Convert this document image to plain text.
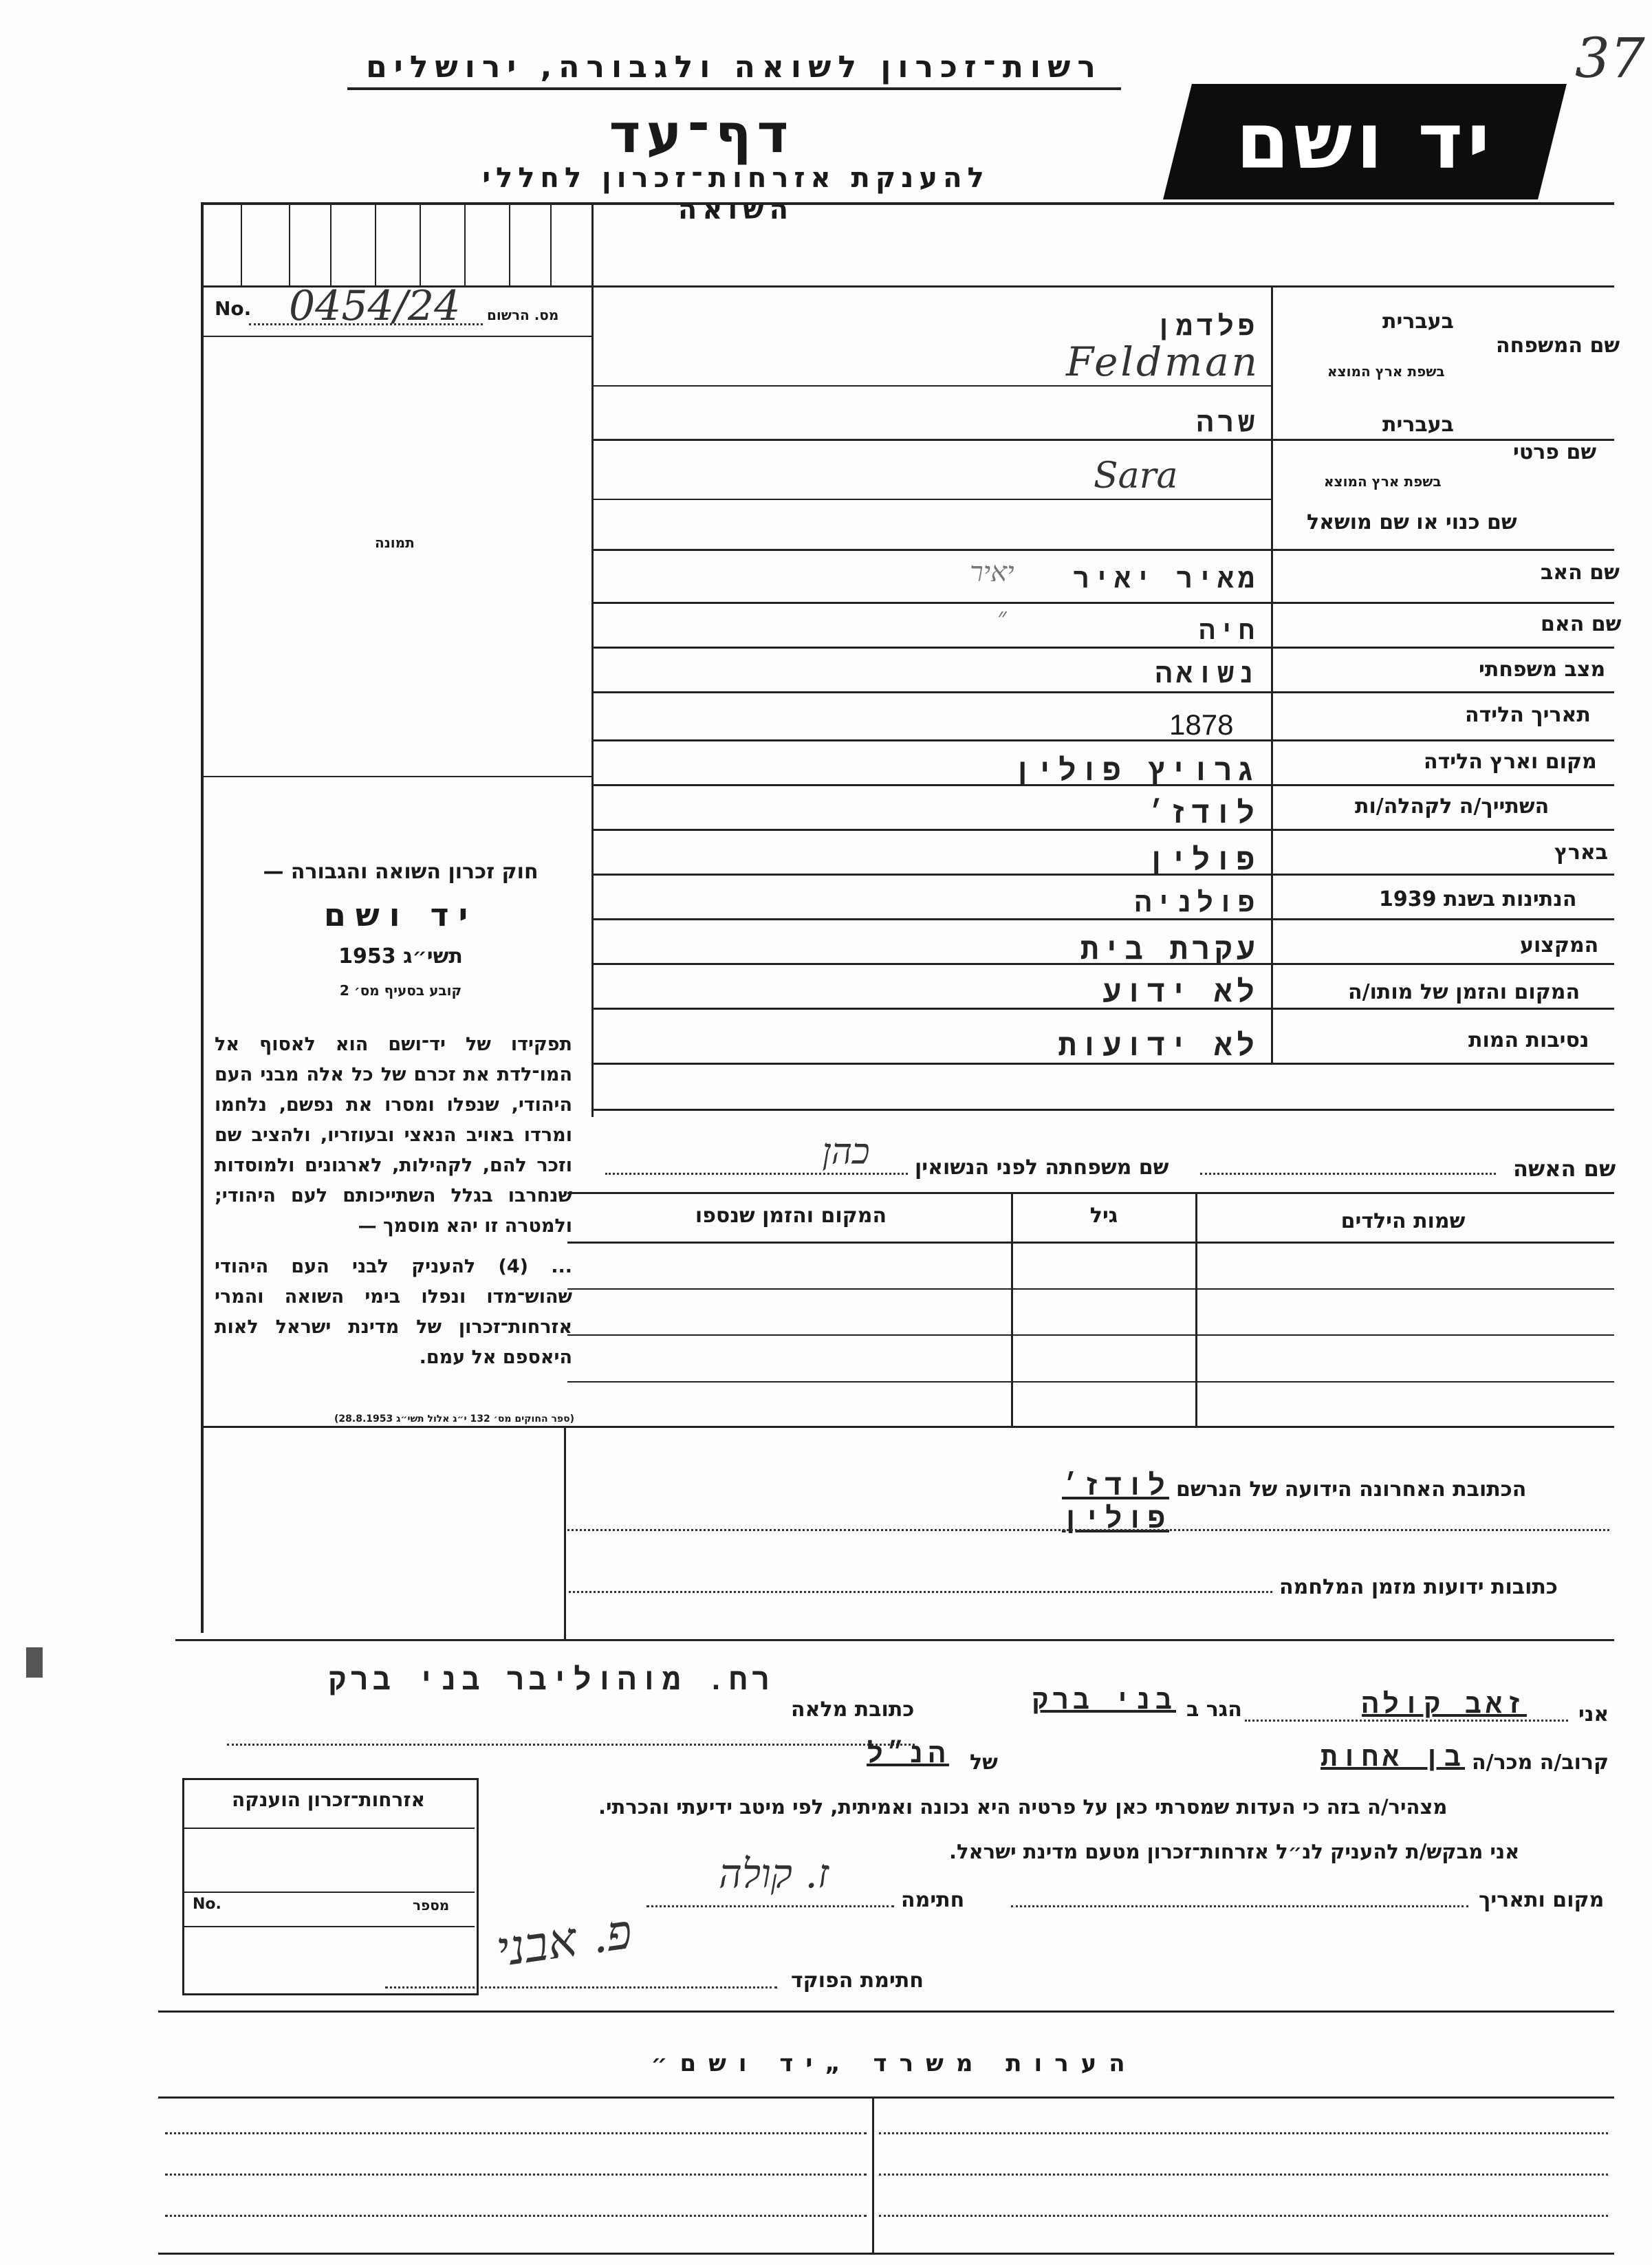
רשות־זכרון לשואה ולגבורה, ירושלים
דף־עד
להענקת אזרחות־זכרון לחללי השואה
יד ושם
37
No. 0454/24 מס. הרשום
תמונה
חוק זכרון השואה והגבורה —
יד ושם
תשי״ג 1953
קובע בסעיף מס׳ 2
תפקידו של יד־ושם הוא לאסוף אל המו־לדת את זכרם של כל אלה מבני העם היהודי, שנפלו ומסרו את נפשם, נלחמו ומרדו באויב הנאצי ובעוזריו, ולהציב שם וזכר להם, לקהילות, לארגונים ולמוסדות שנחרבו בגלל השתייכותם לעם היהודי; ולמטרה זו יהא מוסמך —
... (4) להעניק לבני העם היהודי שהוש־מדו ונפלו בימי השואה והמרי אזרחות־זכרון של מדינת ישראל לאות היאספם אל עמם.
(ספר החוקים מס׳ 132 י״ג אלול תשי״ג 28.8.1953)
בעברית
שם המשפחה
בשפת ארץ המוצא
בעברית
שם פרטי
בשפת ארץ המוצא
שם כנוי או שם מושאל
שם האב
שם האם
מצב משפחתי
תאריך הלידה
מקום וארץ הלידה
השתייך/ה לקהלה/ות
בארץ
הנתינות בשנת 1939
המקצוע
המקום והזמן של מותו/ה
נסיבות המות
פלדמן
Feldman
שרה
Sara
מאיר יאיר
יאיר
חיה
״
נשואה
1878
גרויץ פולין
לודז׳
פולין
פולניה
עקרת בית
לא ידוע
לא ידועות
שם האשה
שם משפחתה לפני הנשואין
כהן
שמות הילדים
גיל
המקום והזמן שנספו
הכתובת האחרונה הידועה של הנרשם
לודז׳ פולין
כתובות ידועות מזמן המלחמה
אני
זאב קולה
הגר ב
בני ברק
כתובת מלאה
רח. מוהוליבר בני ברק
קרוב/ה מכר/ה
בן אחות
של
הנ״ל
מצהיר/ה בזה כי העדות שמסרתי כאן על פרטיה היא נכונה ואמיתית, לפי מיטב ידיעתי והכרתי.
אני מבקש/ת להעניק לנ״ל אזרחות־זכרון מטעם מדינת ישראל.
מקום ותאריך
חתימה
ז. קולה
חתימת הפוקד
פ. אבני
אזרחות־זכרון הוענקה
No.	מספר
הערות משרד „יד ושם״
